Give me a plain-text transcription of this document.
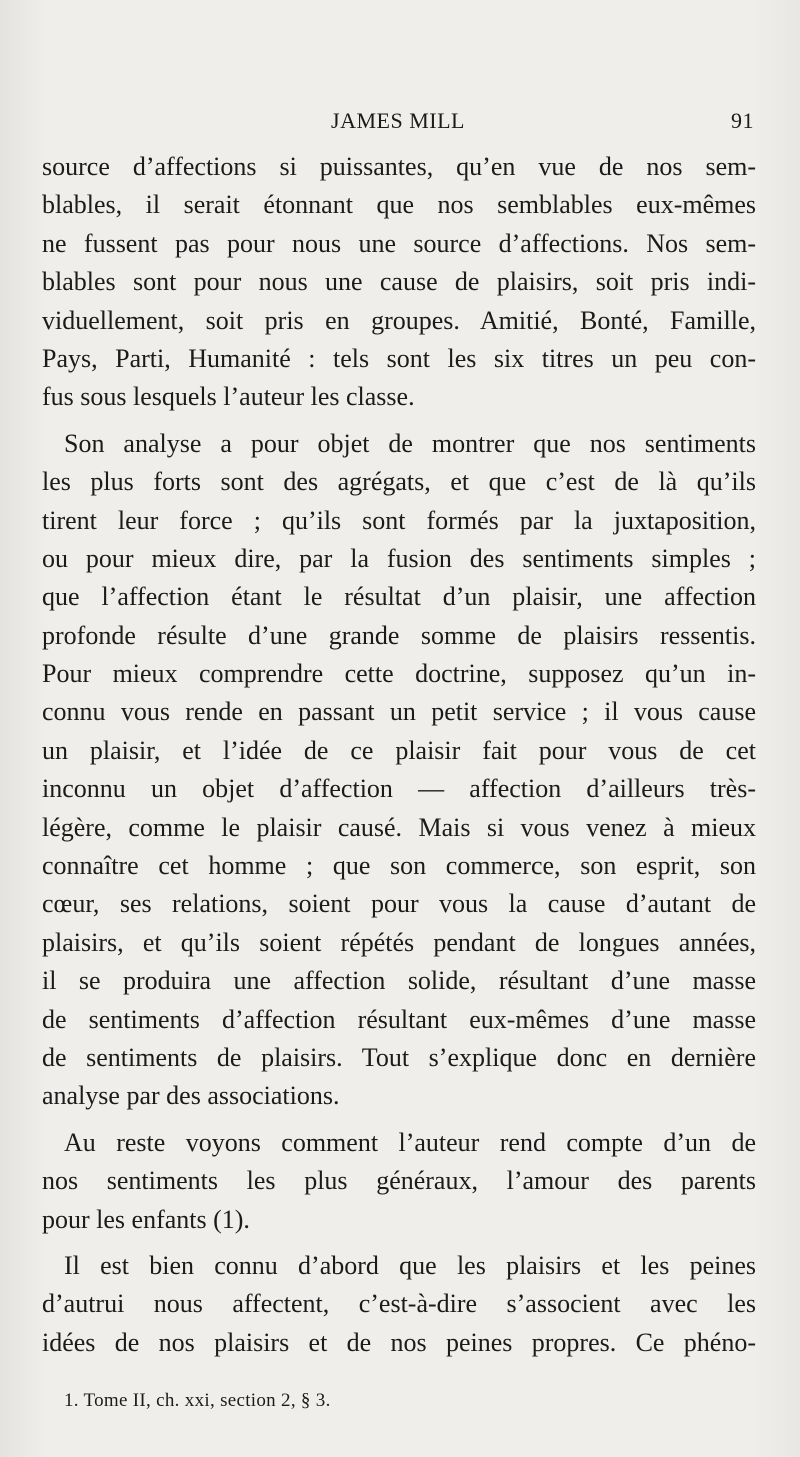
JAMES MILL	91
source d’affections si puissantes, qu’en vue de nos sem-
blables, il serait étonnant que nos semblables eux-mêmes
ne fussent pas pour nous une source d’affections. Nos sem-
blables sont pour nous une cause de plaisirs, soit pris indi-
viduellement, soit pris en groupes. Amitié, Bonté, Famille,
Pays, Parti, Humanité : tels sont les six titres un peu con-
fus sous lesquels l’auteur les classe.
Son analyse a pour objet de montrer que nos sentiments
les plus forts sont des agrégats, et que c’est de là qu’ils
tirent leur force ; qu’ils sont formés par la juxtaposition,
ou pour mieux dire, par la fusion des sentiments simples ;
que l’affection étant le résultat d’un plaisir, une affection
profonde résulte d’une grande somme de plaisirs ressentis.
Pour mieux comprendre cette doctrine, supposez qu’un in-
connu vous rende en passant un petit service ; il vous cause
un plaisir, et l’idée de ce plaisir fait pour vous de cet
inconnu un objet d’affection — affection d’ailleurs très-
légère, comme le plaisir causé. Mais si vous venez à mieux
connaître cet homme ; que son commerce, son esprit, son
cœur, ses relations, soient pour vous la cause d’autant de
plaisirs, et qu’ils soient répétés pendant de longues années,
il se produira une affection solide, résultant d’une masse
de sentiments d’affection résultant eux-mêmes d’une masse
de sentiments de plaisirs. Tout s’explique donc en dernière
analyse par des associations.
Au reste voyons comment l’auteur rend compte d’un de
nos sentiments les plus généraux, l’amour des parents
pour les enfants (1).
Il est bien connu d’abord que les plaisirs et les peines
d’autrui nous affectent, c’est-à-dire s’associent avec les
idées de nos plaisirs et de nos peines propres. Ce phéno-
1. Tome II, ch. xxi, section 2, § 3.
